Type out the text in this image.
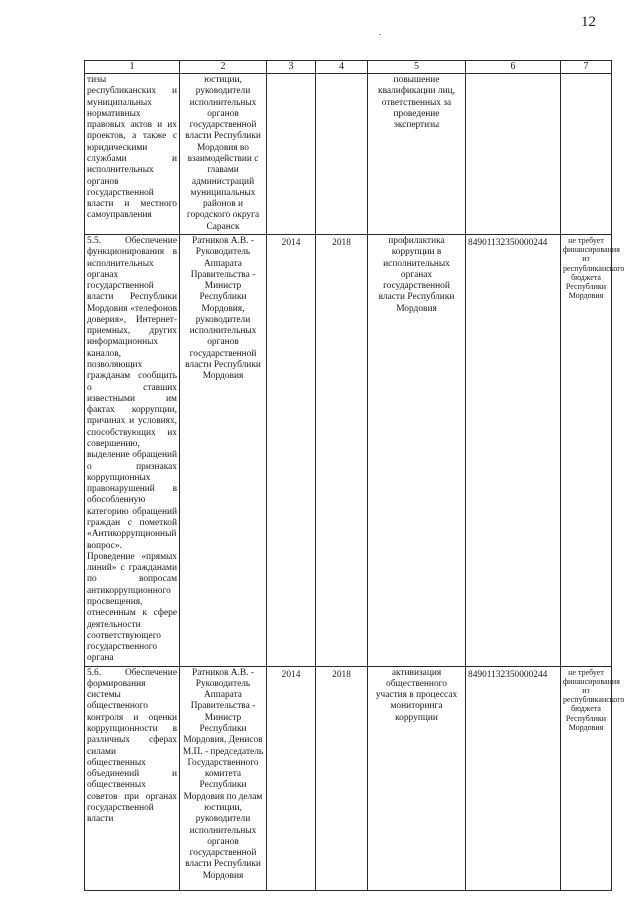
12
1	2	3	4	5	6	7

тизы республиканских и муниципальных нормативных правовых актов и их проектов, а также с юридическими службами и исполнительных органов государственной власти и местного самоуправления	юстиции, руководители исполнительных органов государственной власти Республики Мордовия во взаимодействии с главами администраций муниципальных районов и городского округа Саранск			повышение квалификации лиц, ответственных за проведение экспертизы		

5.5. Обеспечение функционирования в исполнительных органах государственной власти Республики Мордовия «телефонов доверия», Интернет-приемных, других информационных каналов, позволяющих гражданам сообщить о ставших известными им фактах коррупции, причинах и условиях, способствующих их совершению, выделение обращений о признаках коррупционных правонарушений в обособленную категорию обращений граждан с пометкой «Антикоррупционный вопрос».
Проведение «прямых линий» с гражданами по вопросам антикоррупционного просвещения, отнесенным к сфере деятельности соответствующего государственного органа	Ратников А.В. - Руководитель Аппарата Правительства - Министр Республики Мордовия, руководители исполнительных органов государственной власти Республики Мордовия	2014	2018	профилактика коррупции в исполнительных органах государственной власти Республики Мордовия	84901132350000244	не требует финансирования из республиканского бюджета Республики Мордовия

5.6. Обеспечение формирования системы общественного контроля и оценки коррупционности в различных сферах силами общественных объединений и общественных советов при органах государственной власти	Ратников А.В. - Руководитель Аппарата Правительства - Министр Республики Мордовия, Денисов М.П. - председатель Государственного комитета Республики Мордовия по делам юстиции, руководители исполнительных органов государственной власти Республики Мордовия	2014	2018	активизация общественного участия в процессах мониторинга коррупции	84901132350000244	не требует финансирования из республиканского бюджета Республики Мордовия
